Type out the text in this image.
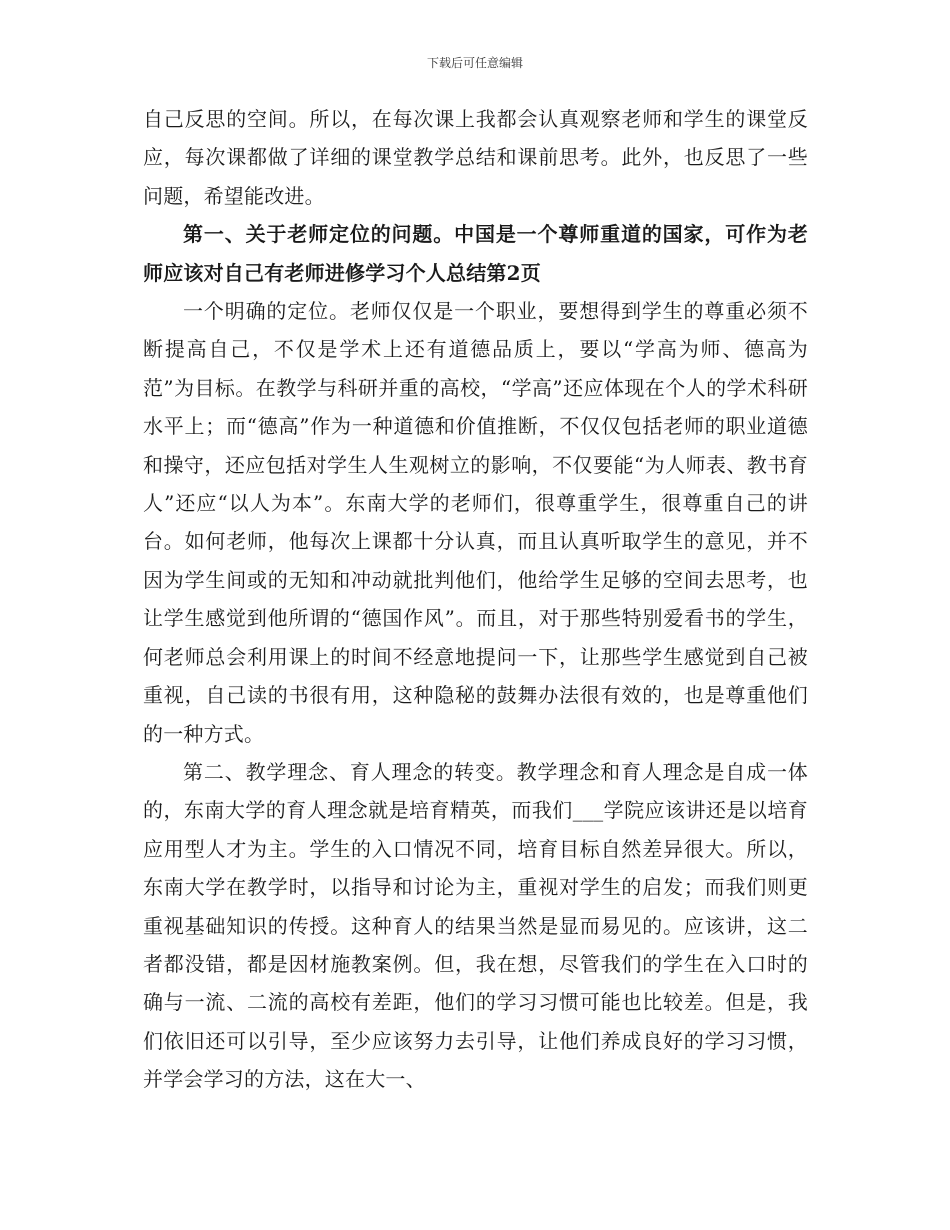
下载后可任意编辑

自己反思的空间。所以，在每次课上我都会认真观察老师和学生的课堂反应，每次课都做了详细的课堂教学总结和课前思考。此外，也反思了一些问题，希望能改进。

第一、关于老师定位的问题。中国是一个尊师重道的国家，可作为老师应该对自己有老师进修学习个人总结第2页

一个明确的定位。老师仅仅是一个职业，要想得到学生的尊重必须不断提高自己，不仅是学术上还有道德品质上，要以“学高为师、德高为范”为目标。在教学与科研并重的高校，“学高”还应体现在个人的学术科研水平上；而“德高”作为一种道德和价值推断，不仅仅包括老师的职业道德和操守，还应包括对学生人生观树立的影响，不仅要能“为人师表、教书育人”还应“以人为本”。东南大学的老师们，很尊重学生，很尊重自己的讲台。如何老师，他每次上课都十分认真，而且认真听取学生的意见，并不因为学生间或的无知和冲动就批判他们，他给学生足够的空间去思考，也让学生感觉到他所谓的“德国作风”。而且，对于那些特别爱看书的学生，何老师总会利用课上的时间不经意地提问一下，让那些学生感觉到自己被重视，自己读的书很有用，这种隐秘的鼓舞办法很有效的，也是尊重他们的一种方式。

第二、教学理念、育人理念的转变。教学理念和育人理念是自成一体的，东南大学的育人理念就是培育精英，而我们___学院应该讲还是以培育应用型人才为主。学生的入口情况不同，培育目标自然差异很大。所以，东南大学在教学时，以指导和讨论为主，重视对学生的启发；而我们则更重视基础知识的传授。这种育人的结果当然是显而易见的。应该讲，这二者都没错，都是因材施教案例。但，我在想，尽管我们的学生在入口时的确与一流、二流的高校有差距，他们的学习习惯可能也比较差。但是，我们依旧还可以引导，至少应该努力去引导，让他们养成良好的学习习惯，并学会学习的方法，这在大一、
